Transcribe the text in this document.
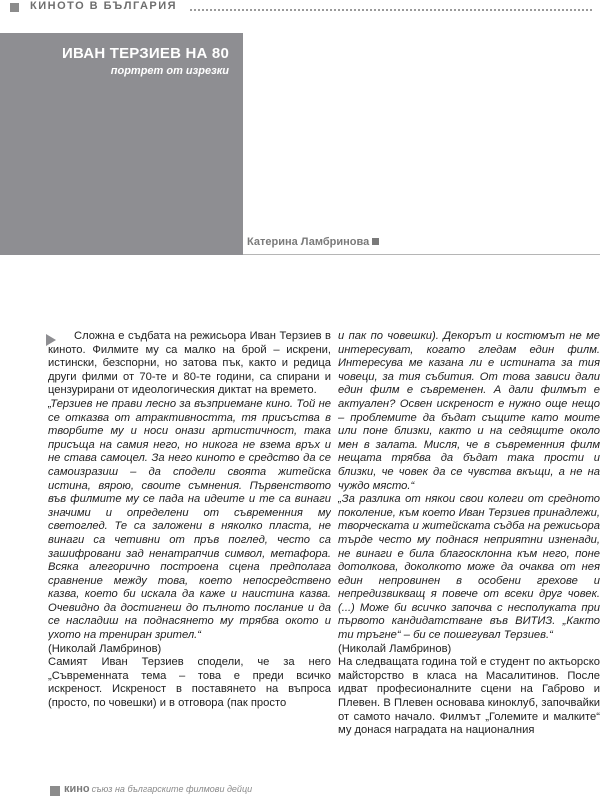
КИНОТО В БЪЛГАРИЯ
ИВАН ТЕРЗИЕВ НА 80
портрет от изрезки
Катерина Ламбринова

Сложна е съдбата на режисьора Иван Терзиев в киното. Филмите му са малко на брой – искрени, истински, безспорни, но затова пък, както и редица други филми от 70-те и 80-те години, са спирани и цензурирани от идеологическия диктат на времето.

„Терзиев не прави лесно за възприемане кино. Той не се отказва от атрактивността, тя присъства в творбите му и носи онази артистичност, така присъща на самия него, но никога не взема връх и не става самоцел. За него киното е средство да се самоизразиш – да сподели своята житейска истина, вярою, своите съмнения. Първенството във филмите му се пада на идеите и те са винаги значими и определени от съвременния му светоглед. Те са заложени в няколко пласта, не винаги са четивни от пръв поглед, често са зашифровани зад ненатрапчив символ, метафора. Всяка алегорично построена сцена предполага сравнение между това, което непосредствено казва, което би искала да каже и наистина казва. Очевидно да достигнеш до пълното послание и да се насладиш на поднасянето му трябва окото и ухото на трениран зрител.“

(Николай Ламбринов)

Самият Иван Терзиев сподели, че за него „Съвременната тема – това е преди всичко искреност. Искреност в поставянето на въпроса (просто, по човешки) и в отговора (пак просто

и пак по човешки). Декорът и костюмът не ме интересуват, когато гледам един филм. Интересува ме казана ли е истината за тия човеци, за тия събития. От това зависи дали един филм е съвременен. А дали филмът е актуален? Освен искреност е нужно още нещо – проблемите да бъдат същите като моите или поне близки, както и на седящите около мен в залата. Мисля, че в съвременния филм нещата трябва да бъдат така прости и близки, че човек да се чувства вкъщи, а не на чуждо място.“

„За разлика от някои свои колеги от средното поколение, към което Иван Терзиев принадлежи, творческата и житейската съдба на режисьора търде често му поднася неприятни изненади, не винаги е била благосклонна към него, поне дотолкова, доколкото може да очаква от нея един непровинен в особени грехове и непредизвикващ я повече от всеки друг човек. (...) Може би всичко започва с несполуката при първото кандидатстване във ВИТИЗ. „Както ти тръгне“ – би се пошегувал Терзиев.“

(Николай Ламбринов)

На следващата година той е студент по актьорско майсторство в класа на Масалитинов. После идват професионалните сцени на Габрово и Плевен. В Плевен основава киноклуб, започвайки от самото начало. Филмът „Големите и малките“ му донася наградата на националния

кино съюз на българските филмови дейци
